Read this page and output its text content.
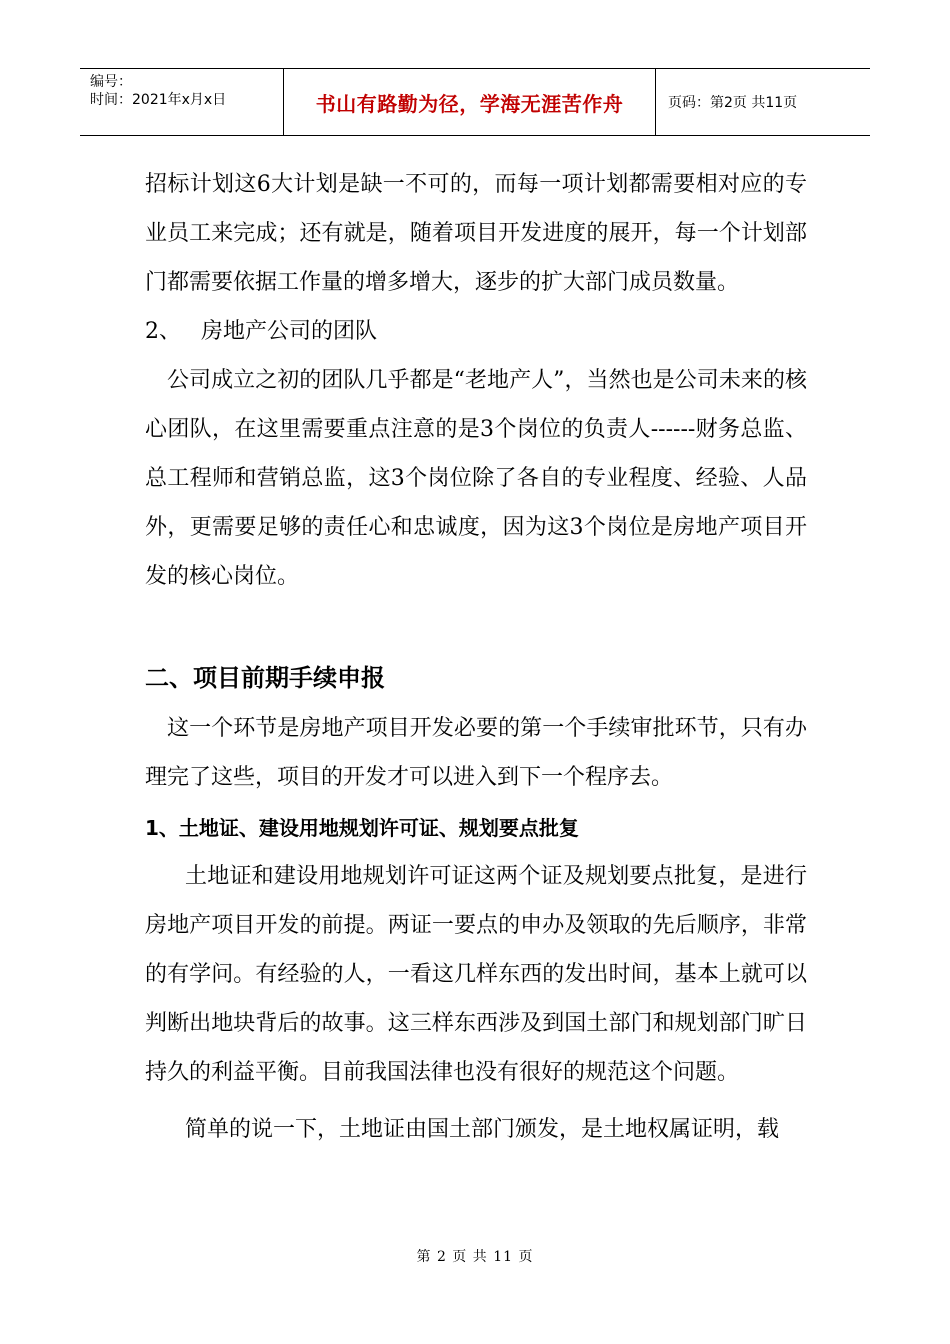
编号：
时间：2021年x月x日	书山有路勤为径，学海无涯苦作舟	页码：第2页 共11页

招标计划这6大计划是缺一不可的，而每一项计划都需要相对应的专业员工来完成；还有就是，随着项目开发进度的展开，每一个计划部门都需要依据工作量的增多增大，逐步的扩大部门成员数量。

2、 房地产公司的团队

公司成立之初的团队几乎都是“老地产人”，当然也是公司未来的核心团队，在这里需要重点注意的是3个岗位的负责人------财务总监、总工程师和营销总监，这3个岗位除了各自的专业程度、经验、人品外，更需要足够的责任心和忠诚度，因为这3个岗位是房地产项目开发的核心岗位。

二、项目前期手续申报

这一个环节是房地产项目开发必要的第一个手续审批环节，只有办理完了这些，项目的开发才可以进入到下一个程序去。

1、土地证、建设用地规划许可证、规划要点批复

土地证和建设用地规划许可证这两个证及规划要点批复，是进行房地产项目开发的前提。两证一要点的申办及领取的先后顺序，非常的有学问。有经验的人，一看这几样东西的发出时间，基本上就可以判断出地块背后的故事。这三样东西涉及到国土部门和规划部门旷日持久的利益平衡。目前我国法律也没有很好的规范这个问题。

简单的说一下，土地证由国土部门颁发，是土地权属证明，载

第 2 页 共 11 页
